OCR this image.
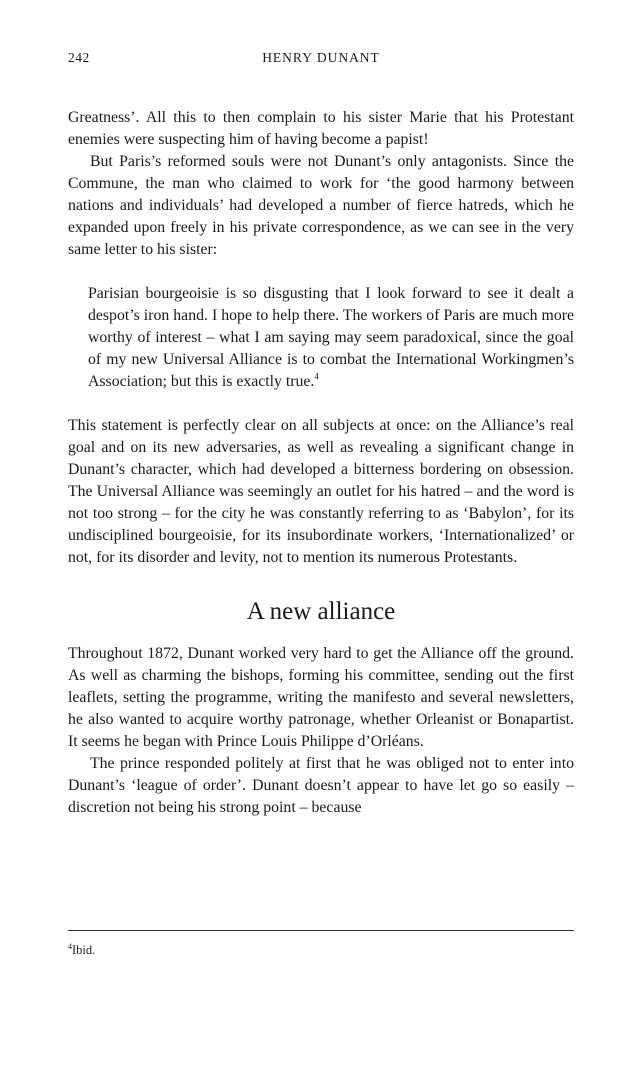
242	HENRY DUNANT

Greatness’. All this to then complain to his sister Marie that his Protestant enemies were suspecting him of having become a papist!

But Paris’s reformed souls were not Dunant’s only antagonists. Since the Commune, the man who claimed to work for ‘the good harmony between nations and individuals’ had developed a number of fierce hatreds, which he expanded upon freely in his private correspondence, as we can see in the very same letter to his sister:

Parisian bourgeoisie is so disgusting that I look forward to see it dealt a despot’s iron hand. I hope to help there. The workers of Paris are much more worthy of interest – what I am saying may seem paradoxical, since the goal of my new Universal Alliance is to combat the International Workingmen’s Association; but this is exactly true.$^4$

This statement is perfectly clear on all subjects at once: on the Alliance’s real goal and on its new adversaries, as well as revealing a significant change in Dunant’s character, which had developed a bitterness bordering on obsession. The Universal Alliance was seemingly an outlet for his hatred – and the word is not too strong – for the city he was constantly referring to as ‘Babylon’, for its undisciplined bourgeoisie, for its insubordinate workers, ‘Internationalized’ or not, for its disorder and levity, not to mention its numerous Protestants.

A new alliance

Throughout 1872, Dunant worked very hard to get the Alliance off the ground. As well as charming the bishops, forming his committee, sending out the first leaflets, setting the programme, writing the manifesto and several newsletters, he also wanted to acquire worthy patronage, whether Orleanist or Bonapartist. It seems he began with Prince Louis Philippe d’Orléans.

The prince responded politely at first that he was obliged not to enter into Dunant’s ‘league of order’. Dunant doesn’t appear to have let go so easily – discretion not being his strong point – because

$^4$Ibid.
